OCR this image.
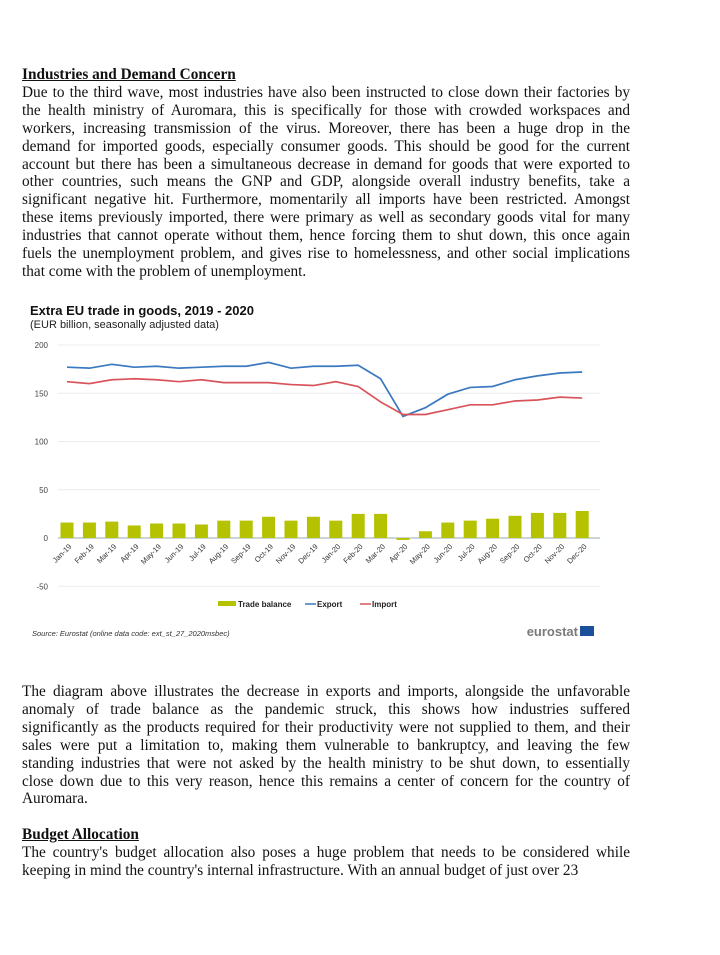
Industries and Demand Concern
Due to the third wave, most industries have also been instructed to close down their factories by
the health ministry of Auromara, this is specifically for those with crowded workspaces and
workers, increasing transmission of the virus. Moreover, there has been a huge drop in the
demand for imported goods, especially consumer goods. This should be good for the current
account but there has been a simultaneous decrease in demand for goods that were exported to
other countries, such means the GNP and GDP, alongside overall industry benefits, take a
significant negative hit. Furthermore, momentarily all imports have been restricted. Amongst
these items previously imported, there were primary as well as secondary goods vital for many
industries that cannot operate without them, hence forcing them to shut down, this once again
fuels the unemployment problem, and gives rise to homelessness, and other social implications
that come with the problem of unemployment.
Extra EU trade in goods, 2019 - 2020
(EUR billion, seasonally adjusted data)
200
150
100
50
0
-50
Jan-19 Feb-19 Mar-19 Apr-19
May-19 Jun-19 Jul-19
Aug-19
Sep-19 Oct-19
Nov-19
Dec-19 Jan-20 Feb-20 Mar-20 Apr-20
May-20 Jun-20 Jul-20
Aug-20
Sep-20 Oct-20
Nov-20
Dec-20
Trade balance	Export	Import
Source: Eurostat (online data code: ext_st_27_2020msbec)	eurostat
The diagram above illustrates the decrease in exports and imports, alongside the unfavorable
anomaly of trade balance as the pandemic struck, this shows how industries suffered
significantly as the products required for their productivity were not supplied to them, and their
sales were put a limitation to, making them vulnerable to bankruptcy, and leaving the few
standing industries that were not asked by the health ministry to be shut down, to essentially
close down due to this very reason, hence this remains a center of concern for the country of
Auromara.
Budget Allocation
The country's budget allocation also poses a huge problem that needs to be considered while
keeping in mind the country's internal infrastructure. With an annual budget of just over 23
